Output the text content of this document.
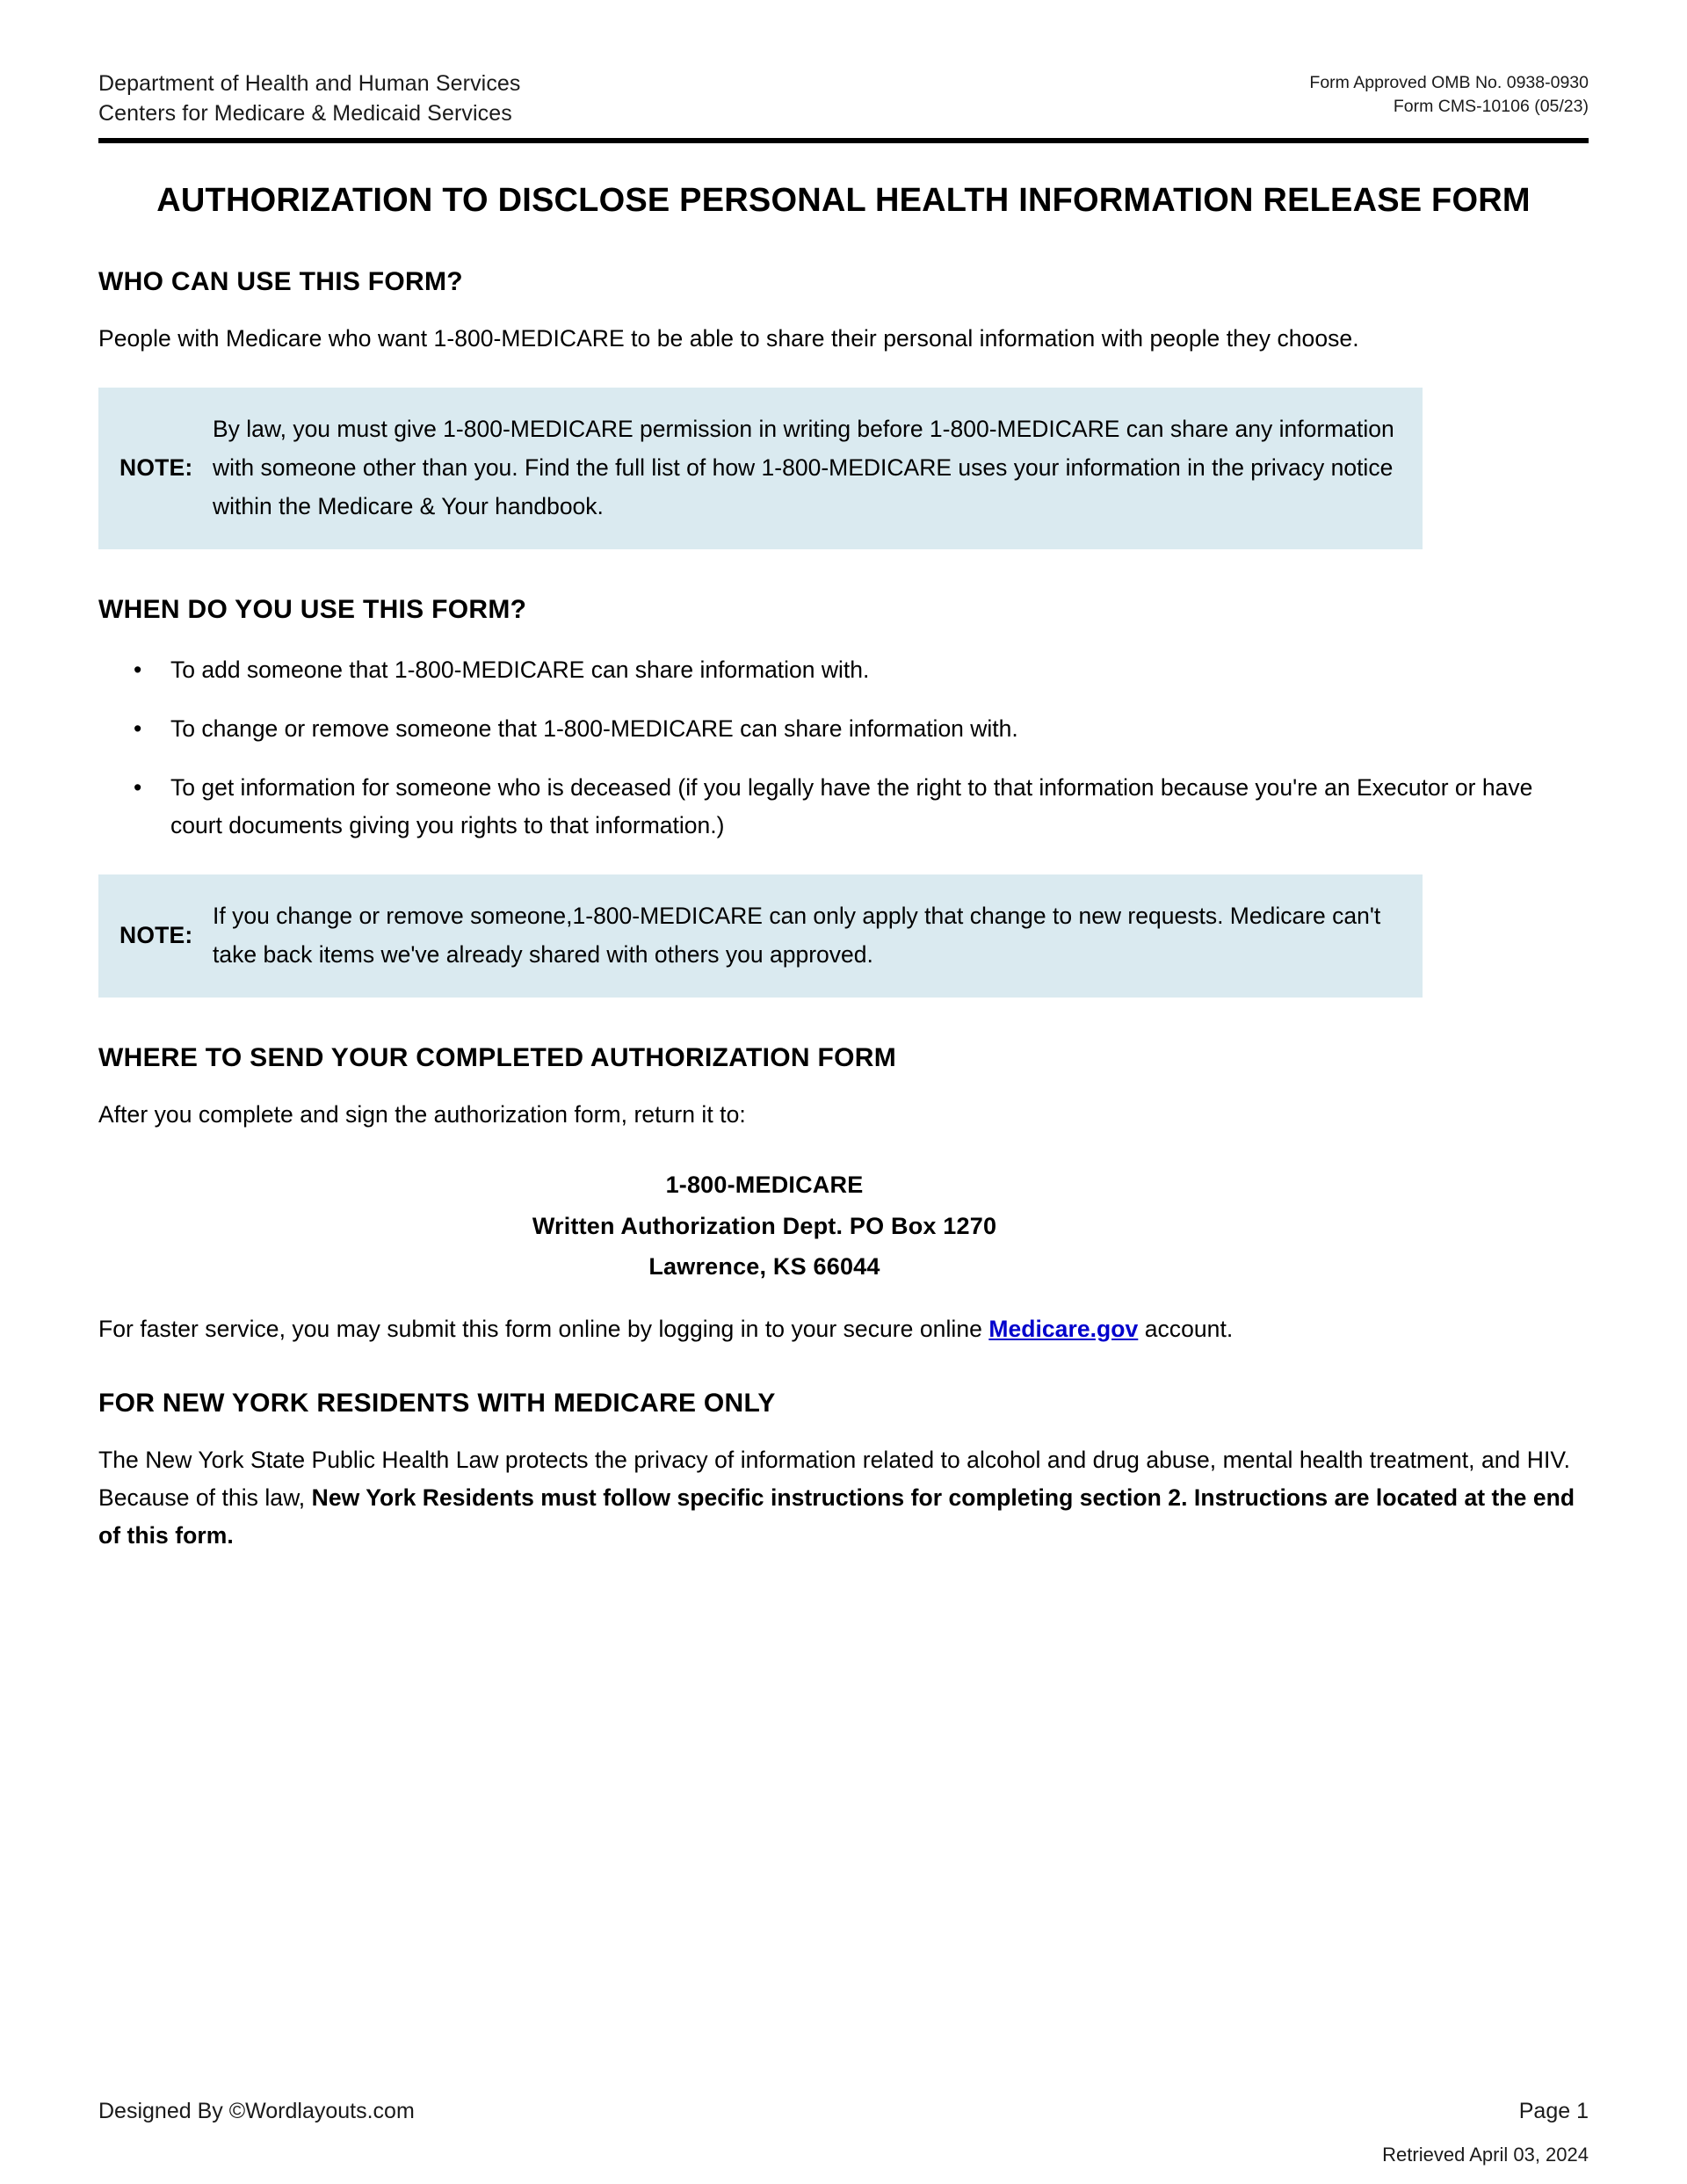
Department of Health and Human Services
Centers for Medicare & Medicaid Services
Form Approved OMB No. 0938-0930
Form CMS-10106 (05/23)
AUTHORIZATION TO DISCLOSE PERSONAL HEALTH INFORMATION RELEASE FORM
WHO CAN USE THIS FORM?

People with Medicare who want 1-800-MEDICARE to be able to share their personal information with people they choose.

NOTE:
By law, you must give 1-800-MEDICARE permission in writing before 1-800-MEDICARE can share any information with someone other than you. Find the full list of how 1-800-MEDICARE uses your information in the privacy notice within the Medicare & Your handbook.
WHEN DO YOU USE THIS FORM?
• To add someone that 1-800-MEDICARE can share information with.
• To change or remove someone that 1-800-MEDICARE can share information with.
• To get information for someone who is deceased (if you legally have the right to that information because you're an Executor or have court documents giving you rights to that information.)
NOTE:
If you change or remove someone,1-800-MEDICARE can only apply that change to new requests. Medicare can't take back items we've already shared with others you approved.
WHERE TO SEND YOUR COMPLETED AUTHORIZATION FORM

After you complete and sign the authorization form, return it to:

1-800-MEDICARE
Written Authorization Dept. PO Box 1270
Lawrence, KS 66044

For faster service, you may submit this form online by logging in to your secure online Medicare.gov account.

FOR NEW YORK RESIDENTS WITH MEDICARE ONLY

The New York State Public Health Law protects the privacy of information related to alcohol and drug abuse, mental health treatment, and HIV. Because of this law, New York Residents must follow specific instructions for completing section 2. Instructions are located at the end of this form.

Designed By ©Wordlayouts.com	Page 1
Retrieved April 03, 2024
